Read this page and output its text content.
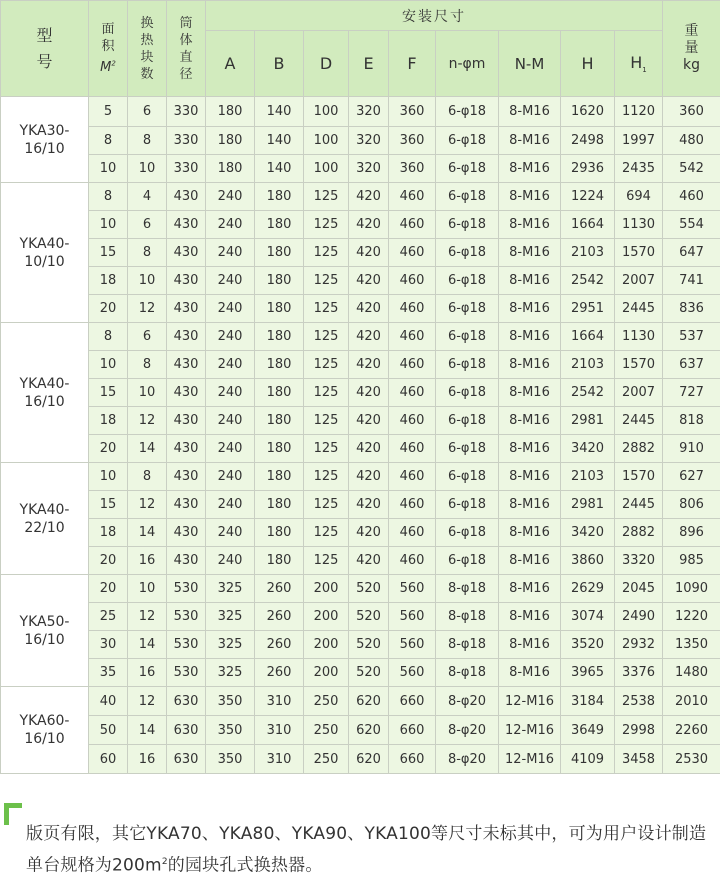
型
号	面
积
$M^2$	换
热
块
数	筒
体
直
径	安装尺寸									重
量
kg
				A	B	D	E	F	n-φm	N-M	H	$H_1$
YKA30-
16/10	5	6	330	180	140	100	320	360	6-φ18	8-M16	1620	1120	360
	8	8	330	180	140	100	320	360	6-φ18	8-M16	2498	1997	480
	10	10	330	180	140	100	320	360	6-φ18	8-M16	2936	2435	542
YKA40-
10/10	8	4	430	240	180	125	420	460	6-φ18	8-M16	1224	694	460
	10	6	430	240	180	125	420	460	6-φ18	8-M16	1664	1130	554
	15	8	430	240	180	125	420	460	6-φ18	8-M16	2103	1570	647
	18	10	430	240	180	125	420	460	6-φ18	8-M16	2542	2007	741
	20	12	430	240	180	125	420	460	6-φ18	8-M16	2951	2445	836
YKA40-
16/10	8	6	430	240	180	125	420	460	6-φ18	8-M16	1664	1130	537
	10	8	430	240	180	125	420	460	6-φ18	8-M16	2103	1570	637
	15	10	430	240	180	125	420	460	6-φ18	8-M16	2542	2007	727
	18	12	430	240	180	125	420	460	6-φ18	8-M16	2981	2445	818
	20	14	430	240	180	125	420	460	6-φ18	8-M16	3420	2882	910
YKA40-
22/10	10	8	430	240	180	125	420	460	6-φ18	8-M16	2103	1570	627
	15	12	430	240	180	125	420	460	6-φ18	8-M16	2981	2445	806
	18	14	430	240	180	125	420	460	6-φ18	8-M16	3420	2882	896
	20	16	430	240	180	125	420	460	6-φ18	8-M16	3860	3320	985
YKA50-
16/10	20	10	530	325	260	200	520	560	8-φ18	8-M16	2629	2045	1090
	25	12	530	325	260	200	520	560	8-φ18	8-M16	3074	2490	1220
	30	14	530	325	260	200	520	560	8-φ18	8-M16	3520	2932	1350
	35	16	530	325	260	200	520	560	8-φ18	8-M16	3965	3376	1480
YKA60-
16/10	40	12	630	350	310	250	620	660	8-φ20	12-M16	3184	2538	2010
	50	14	630	350	310	250	620	660	8-φ20	12-M16	3649	2998	2260
	60	16	630	350	310	250	620	660	8-φ20	12-M16	4109	3458	2530
版页有限，其它YKA70、YKA80、YKA90、YKA100等尺寸未标其中，可为用户设计制造单台规格为$200m^2$的园块孔式换热器。
